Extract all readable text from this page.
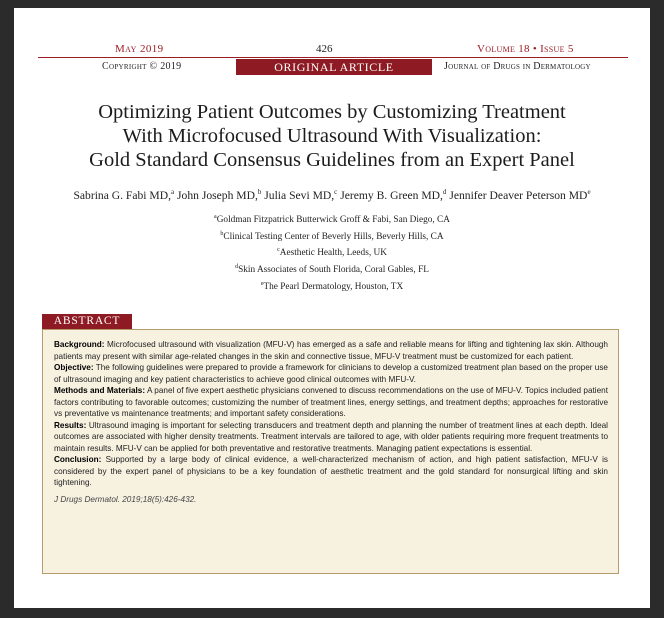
May 2019	426	Volume 18 • Issue 5
Copyright © 2019	ORIGINAL ARTICLE	Journal of Drugs in Dermatology
Optimizing Patient Outcomes by Customizing Treatment
With Microfocused Ultrasound With Visualization:
Gold Standard Consensus Guidelines from an Expert Panel
Sabrina G. Fabi MD,$^a$ John Joseph MD,$^b$ Julia Sevi MD,$^c$ Jeremy B. Green MD,$^d$ Jennifer Deaver Peterson MDe
$^a$Goldman Fitzpatrick Butterwick Groff & Fabi, San Diego, CA
$^b$Clinical Testing Center of Beverly Hills, Beverly Hills, CA
$^c$Aesthetic Health, Leeds, UK
$^d$Skin Associates of South Florida, Coral Gables, FL
$^e$The Pearl Dermatology, Houston, TX
ABSTRACT

Background: Microfocused ultrasound with visualization (MFU-V) has emerged as a safe and reliable means for lifting and tightening lax skin. Although patients may present with similar age-related changes in the skin and connective tissue, MFU-V treatment must be customized for each patient.

Objective: The following guidelines were prepared to provide a framework for clinicians to develop a customized treatment plan based on the proper use of ultrasound imaging and key patient characteristics to achieve good clinical outcomes with MFU-V.

Methods and Materials: A panel of five expert aesthetic physicians convened to discuss recommendations on the use of MFU-V. Topics included patient factors contributing to favorable outcomes; customizing the number of treatment lines, energy settings, and treatment depths; approaches for restorative vs preventative vs maintenance treatments; and important safety considerations.

Results: Ultrasound imaging is important for selecting transducers and treatment depth and planning the number of treatment lines at each depth. Ideal outcomes are associated with higher density treatments. Treatment intervals are tailored to age, with older patients requiring more frequent treatments to maintain results. MFU-V can be applied for both preventative and restorative treatments. Managing patient expectations is essential.

Conclusion: Supported by a large body of clinical evidence, a well-characterized mechanism of action, and high patient satisfaction, MFU-V is considered by the expert panel of physicians to be a key foundation of aesthetic treatment and the gold standard for nonsurgical lifting and skin tightening.

J Drugs Dermatol. 2019;18(5):426-432.
